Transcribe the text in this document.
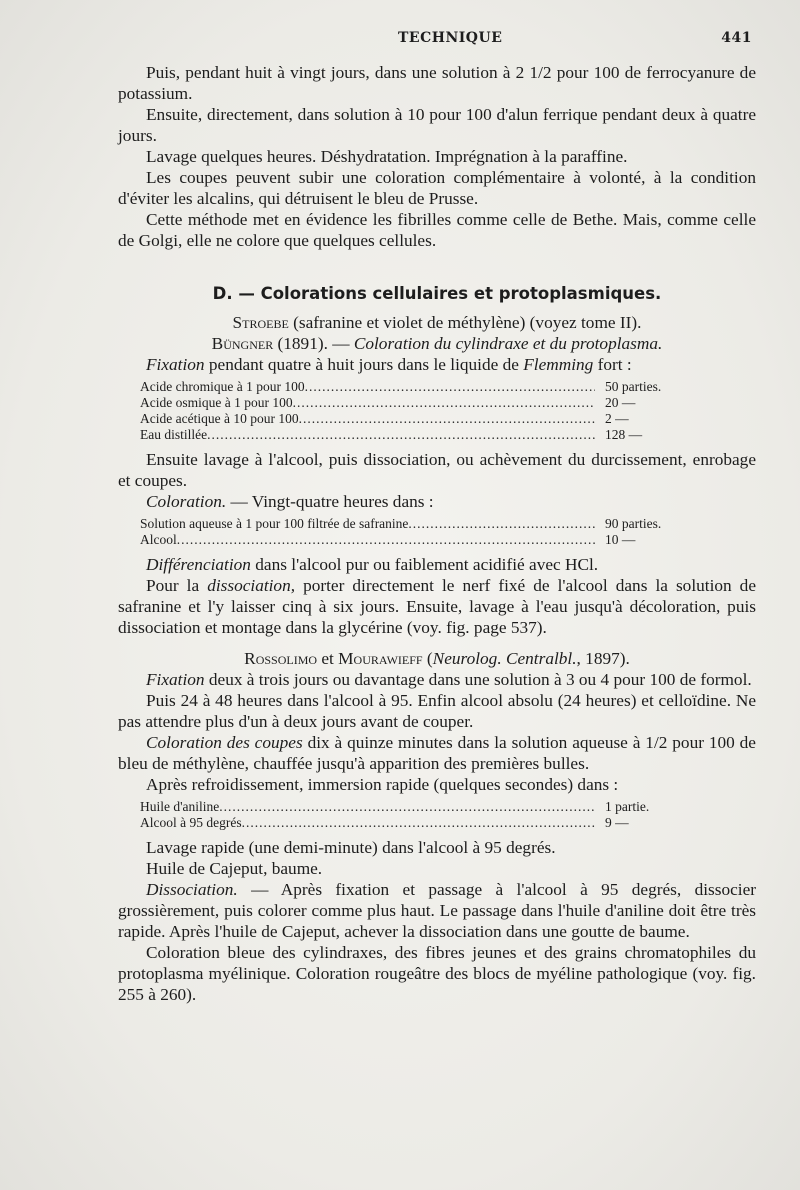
TECHNIQUE	441

Puis, pendant huit à vingt jours, dans une solution à 2 1/2 pour 100 de ferrocyanure de potassium.

Ensuite, directement, dans solution à 10 pour 100 d'alun ferrique pendant deux à quatre jours.

Lavage quelques heures. Déshydratation. Imprégnation à la paraffine.

Les coupes peuvent subir une coloration complémentaire à volonté, à la condition d'éviter les alcalins, qui détruisent le bleu de Prusse.

Cette méthode met en évidence les fibrilles comme celle de Bethe. Mais, comme celle de Golgi, elle ne colore que quelques cellules.

D. — Colorations cellulaires et protoplasmiques.

Stroebe (safranine et violet de méthylène) (voyez tome II).

Büngner (1891). — Coloration du cylindraxe et du protoplasma.

Fixation pendant quatre à huit jours dans le liquide de Flemming fort :

Acide chromique à 1 pour 100 .....	50 parties.
Acide osmique à 1 pour 100 .....	20 —
Acide acétique à 10 pour 100 .....	2 —
Eau distillée .....	128 —

Ensuite lavage à l'alcool, puis dissociation, ou achèvement du durcissement, enrobage et coupes.

Coloration. — Vingt-quatre heures dans :

Solution aqueuse à 1 pour 100 filtrée de safranine .....	90 parties.
Alcool .....	10 —

Différenciation dans l'alcool pur ou faiblement acidifié avec HCl.

Pour la dissociation, porter directement le nerf fixé de l'alcool dans la solution de safranine et l'y laisser cinq à six jours. Ensuite, lavage à l'eau jusqu'à décoloration, puis dissociation et montage dans la glycérine (voy. fig. page 537).

Rossolimo et Mourawieff (Neurolog. Centralbl., 1897).

Fixation deux à trois jours ou davantage dans une solution à 3 ou 4 pour 100 de formol.

Puis 24 à 48 heures dans l'alcool à 95. Enfin alcool absolu (24 heures) et celloïdine. Ne pas attendre plus d'un à deux jours avant de couper.

Coloration des coupes dix à quinze minutes dans la solution aqueuse à 1/2 pour 100 de bleu de méthylène, chauffée jusqu'à apparition des premières bulles.

Après refroidissement, immersion rapide (quelques secondes) dans :

Huile d'aniline .....	1 partie.
Alcool à 95 degrés .....	9 —

Lavage rapide (une demi-minute) dans l'alcool à 95 degrés.

Huile de Cajeput, baume.

Dissociation. — Après fixation et passage à l'alcool à 95 degrés, dissocier grossièrement, puis colorer comme plus haut. Le passage dans l'huile d'aniline doit être très rapide. Après l'huile de Cajeput, achever la dissociation dans une goutte de baume.

Coloration bleue des cylindraxes, des fibres jeunes et des grains chromatophiles du protoplasma myélinique. Coloration rougeâtre des blocs de myéline pathologique (voy. fig. 255 à 260).
